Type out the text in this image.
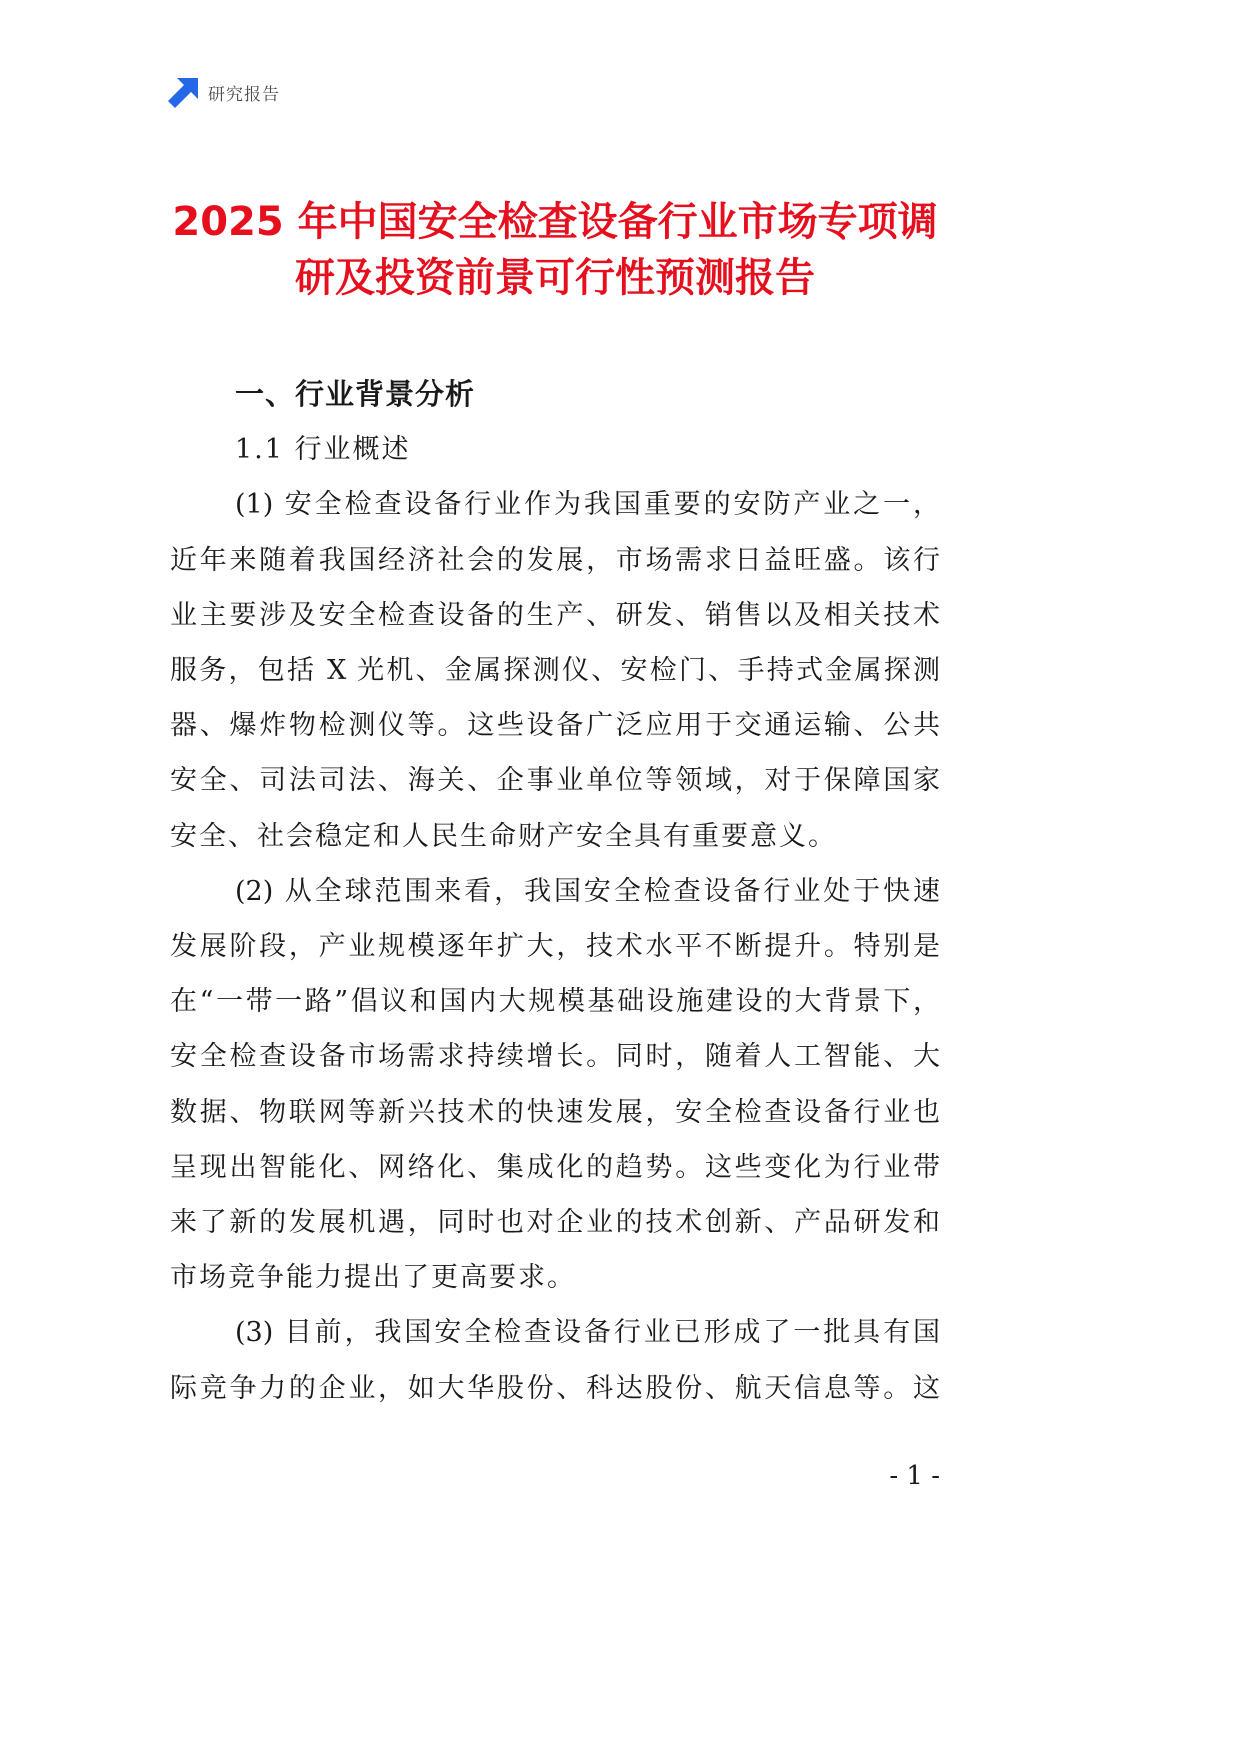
研究报告
2025 年中国安全检查设备行业市场专项调
研及投资前景可行性预测报告
一、行业背景分析
1.1 行业概述
(1) 安全检查设备行业作为我国重要的安防产业之一，
近年来随着我国经济社会的发展，市场需求日益旺盛。该行
业主要涉及安全检查设备的生产、研发、销售以及相关技术
服务，包括 X 光机、金属探测仪、安检门、手持式金属探测
器、爆炸物检测仪等。这些设备广泛应用于交通运输、公共
安全、司法司法、海关、企事业单位等领域，对于保障国家
安全、社会稳定和人民生命财产安全具有重要意义。
(2) 从全球范围来看，我国安全检查设备行业处于快速
发展阶段，产业规模逐年扩大，技术水平不断提升。特别是
在“一带一路”倡议和国内大规模基础设施建设的大背景下，
安全检查设备市场需求持续增长。同时，随着人工智能、大
数据、物联网等新兴技术的快速发展，安全检查设备行业也
呈现出智能化、网络化、集成化的趋势。这些变化为行业带
来了新的发展机遇，同时也对企业的技术创新、产品研发和
市场竞争能力提出了更高要求。
(3) 目前，我国安全检查设备行业已形成了一批具有国
际竞争力的企业，如大华股份、科达股份、航天信息等。这
- 1 -
